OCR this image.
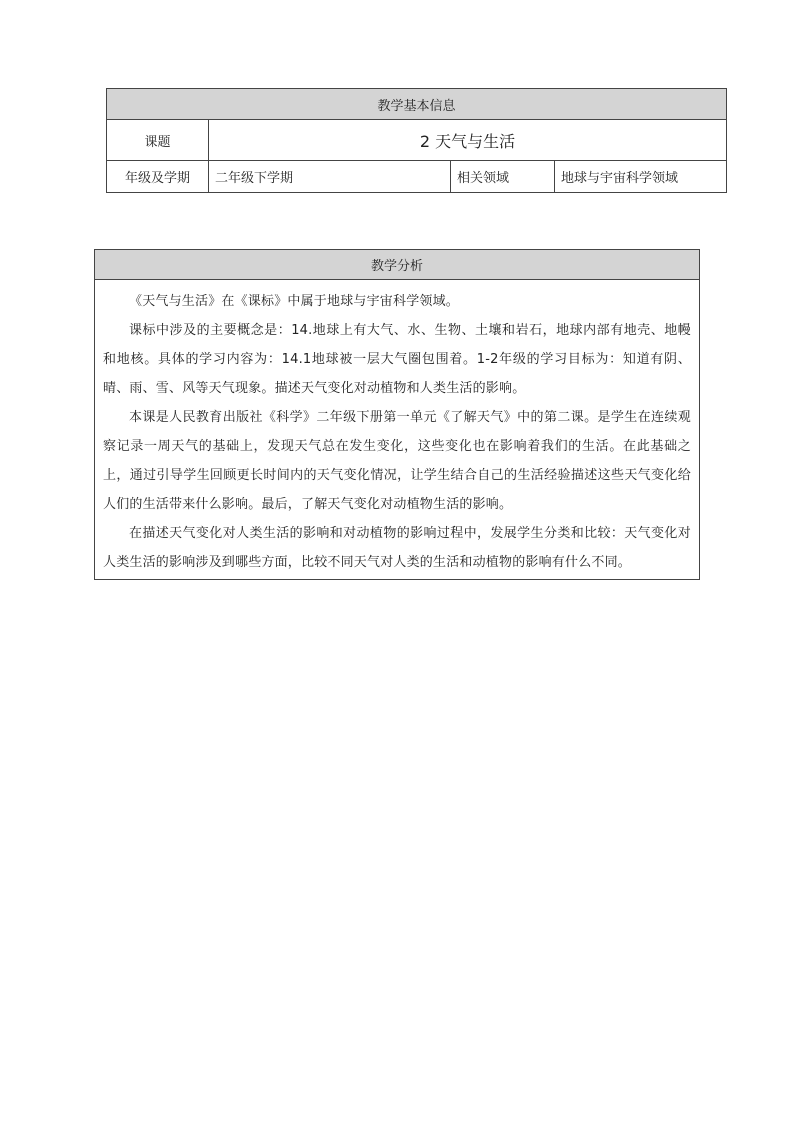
教学基本信息			
课题	2 天气与生活		
年级及学期	二年级下学期	相关领域	地球与宇宙科学领域
教学分析

《天气与生活》在《课标》中属于地球与宇宙科学领域。

课标中涉及的主要概念是：14.地球上有大气、水、生物、土壤和岩石，地球内部有地壳、地幔和地核。具体的学习内容为：14.1地球被一层大气圈包围着。1-2年级的学习目标为：知道有阴、晴、雨、雪、风等天气现象。描述天气变化对动植物和人类生活的影响。

本课是人民教育出版社《科学》二年级下册第一单元《了解天气》中的第二课。是学生在连续观察记录一周天气的基础上，发现天气总在发生变化，这些变化也在影响着我们的生活。在此基础之上，通过引导学生回顾更长时间内的天气变化情况，让学生结合自己的生活经验描述这些天气变化给人们的生活带来什么影响。最后，了解天气变化对动植物生活的影响。

在描述天气变化对人类生活的影响和对动植物的影响过程中，发展学生分类和比较：天气变化对人类生活的影响涉及到哪些方面，比较不同天气对人类的生活和动植物的影响有什么不同。
